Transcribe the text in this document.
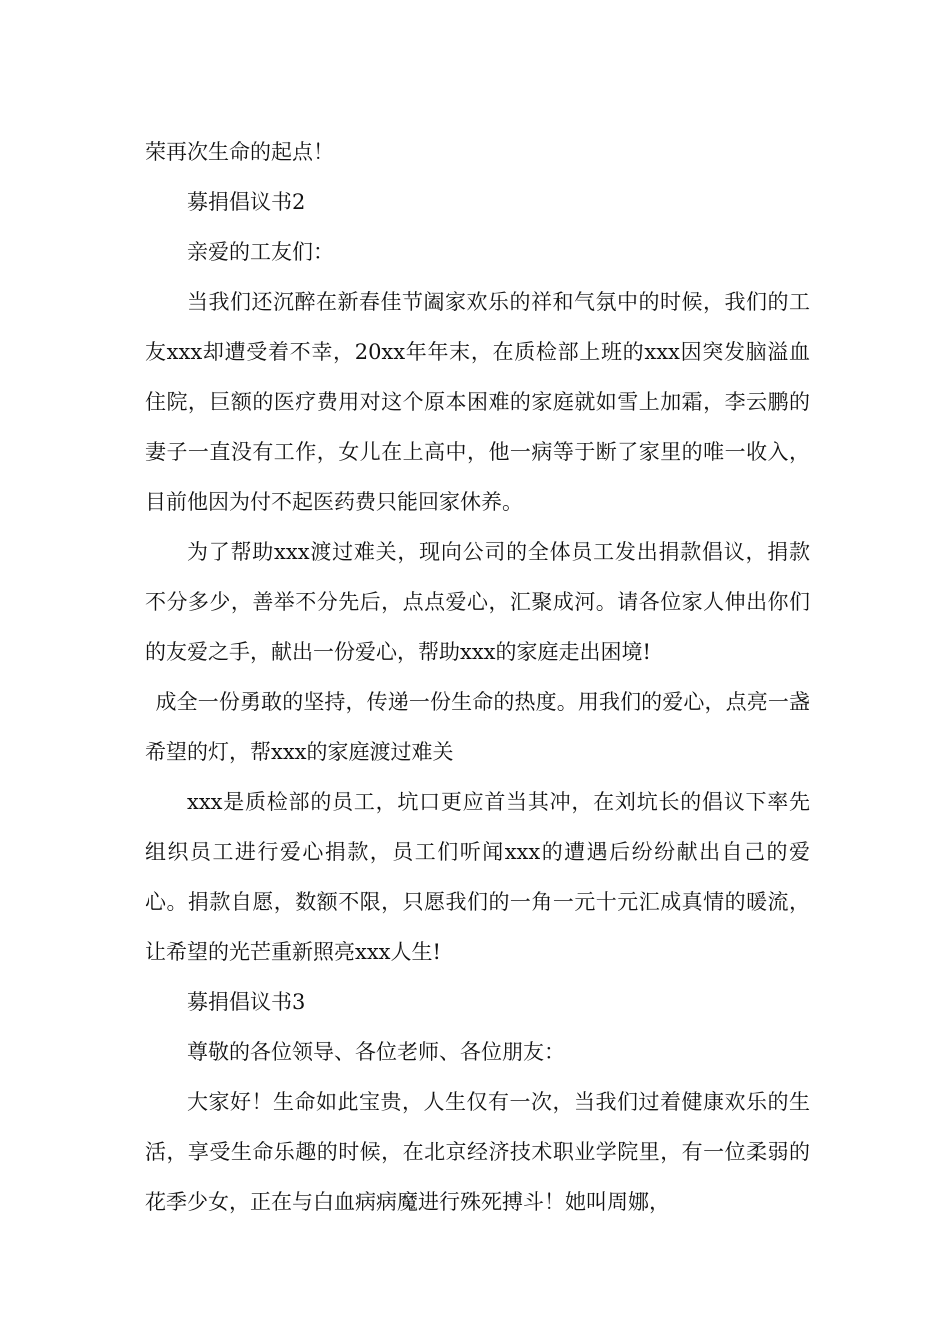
荣再次生命的起点！

募捐倡议书2

亲爱的工友们：

当我们还沉醉在新春佳节阖家欢乐的祥和气氛中的时候，我们的工友xxx却遭受着不幸，20xx年年末，在质检部上班的xxx因突发脑溢血住院，巨额的医疗费用对这个原本困难的家庭就如雪上加霜，李云鹏的妻子一直没有工作，女儿在上高中，他一病等于断了家里的唯一收入，目前他因为付不起医药费只能回家休养。

为了帮助xxx渡过难关，现向公司的全体员工发出捐款倡议，捐款不分多少，善举不分先后，点点爱心，汇聚成河。请各位家人伸出你们的友爱之手，献出一份爱心，帮助xxx的家庭走出困境!

成全一份勇敢的坚持，传递一份生命的热度。用我们的爱心，点亮一盏希望的灯，帮xxx的家庭渡过难关

xxx是质检部的员工，坑口更应首当其冲，在刘坑长的倡议下率先组织员工进行爱心捐款，员工们听闻xxx的遭遇后纷纷献出自己的爱心。捐款自愿，数额不限，只愿我们的一角一元十元汇成真情的暖流，让希望的光芒重新照亮xxx人生!

募捐倡议书3

尊敬的各位领导、各位老师、各位朋友：

大家好！生命如此宝贵，人生仅有一次，当我们过着健康欢乐的生活，享受生命乐趣的时候，在北京经济技术职业学院里，有一位柔弱的花季少女，正在与白血病病魔进行殊死搏斗！她叫周娜，
